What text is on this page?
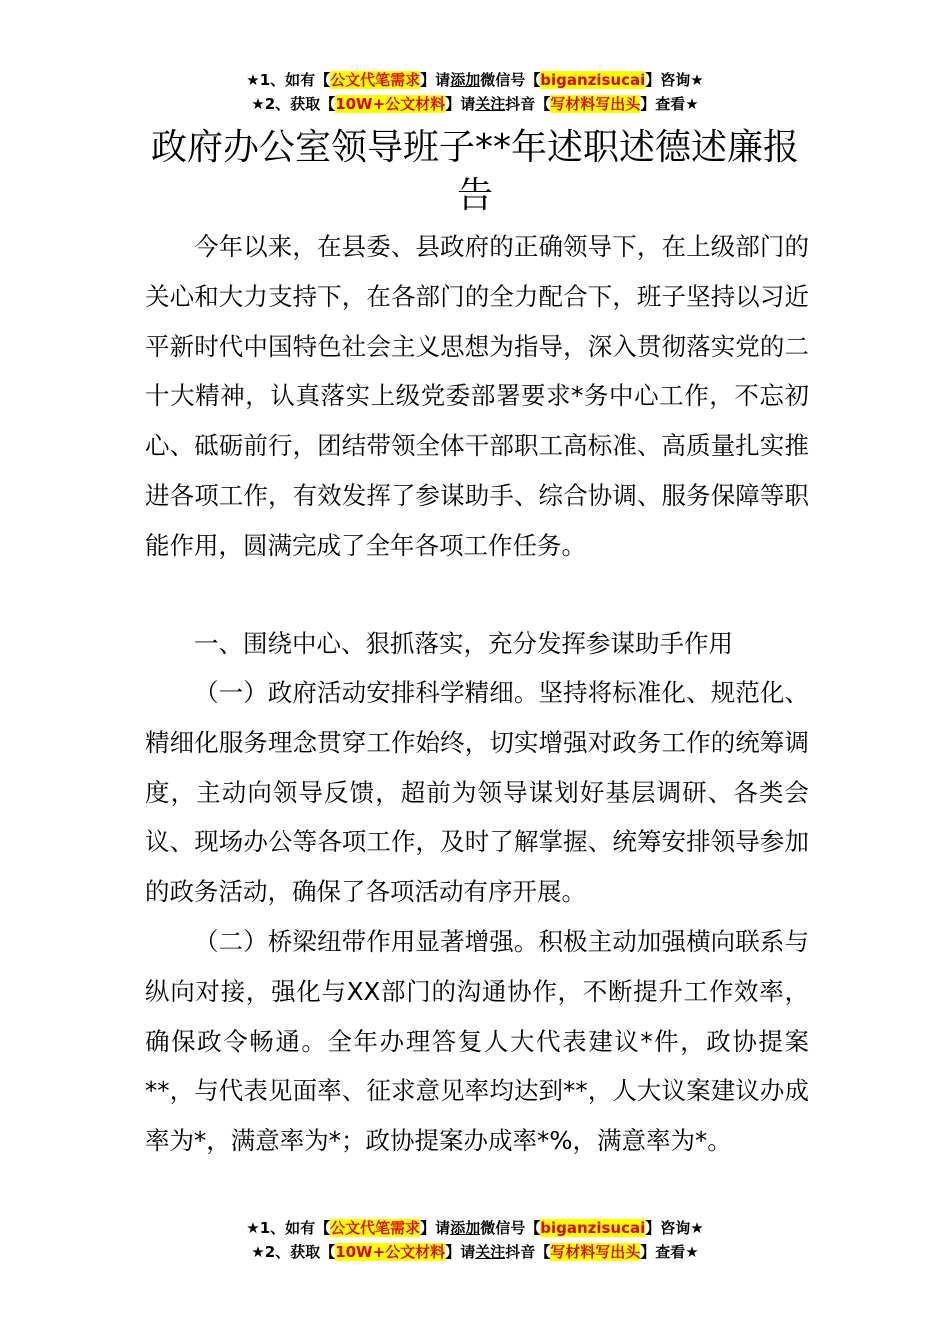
★1、如有【公文代笔需求】请添加微信号【biganzisucai】咨询★
★2、获取【10W+公文材料】请关注抖音【写材料写出头】查看★
政府办公室领导班子**年述职述德述廉报告

今年以来，在县委、县政府的正确领导下，在上级部门的关心和大力支持下，在各部门的全力配合下，班子坚持以习近平新时代中国特色社会主义思想为指导，深入贯彻落实党的二十大精神，认真落实上级党委部署要求*务中心工作，不忘初心、砥砺前行，团结带领全体干部职工高标准、高质量扎实推进各项工作，有效发挥了参谋助手、综合协调、服务保障等职能作用，圆满完成了全年各项工作任务。

一、围绕中心、狠抓落实，充分发挥参谋助手作用

（一）政府活动安排科学精细。坚持将标准化、规范化、精细化服务理念贯穿工作始终，切实增强对政务工作的统筹调度，主动向领导反馈，超前为领导谋划好基层调研、各类会议、现场办公等各项工作，及时了解掌握、统筹安排领导参加的政务活动，确保了各项活动有序开展。

（二）桥梁纽带作用显著增强。积极主动加强横向联系与纵向对接，强化与XX部门的沟通协作，不断提升工作效率，确保政令畅通。全年办理答复人大代表建议*件，政协提案**，与代表见面率、征求意见率均达到**，人大议案建议办成率为*，满意率为*；政协提案办成率*%，满意率为*。

★1、如有【公文代笔需求】请添加微信号【biganzisucai】咨询★
★2、获取【10W+公文材料】请关注抖音【写材料写出头】查看★
